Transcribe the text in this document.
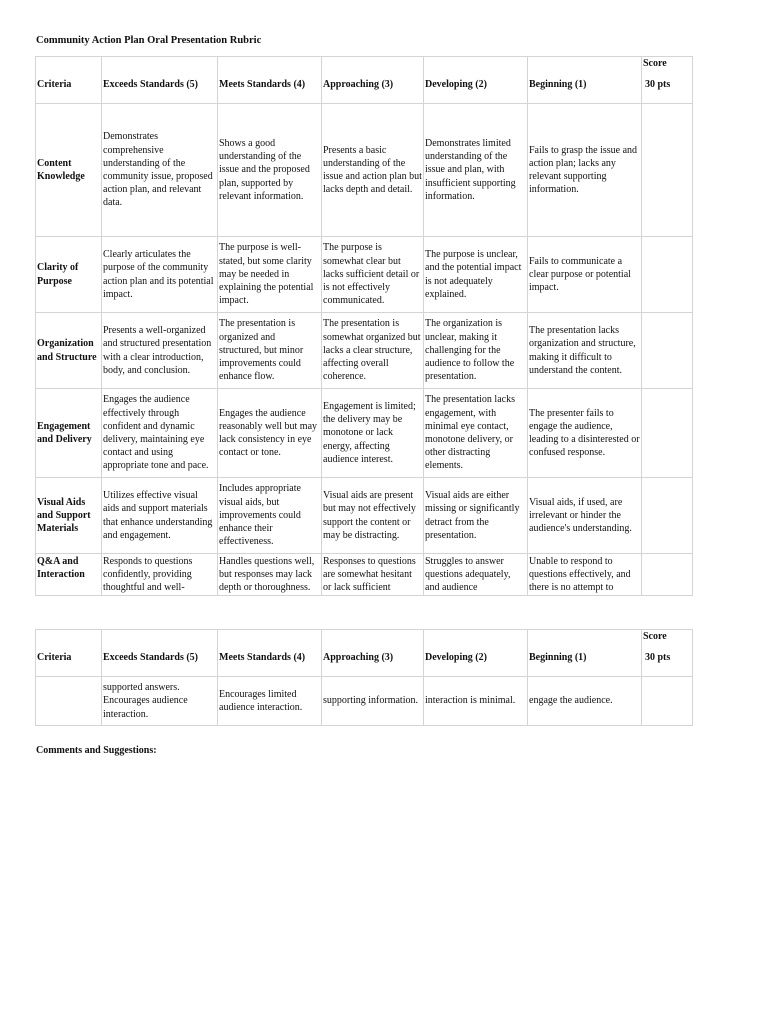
Community Action Plan Oral Presentation Rubric
Criteria	Exceeds Standards (5)	Meets Standards (4)	Approaching (3)	Developing (2)	Beginning (1)	Score
30 pts

Content Knowledge	Demonstrates comprehensive understanding of the community issue, proposed action plan, and relevant data.	Shows a good understanding of the issue and the proposed plan, supported by relevant information.	Presents a basic understanding of the issue and action plan but lacks depth and detail.	Demonstrates limited understanding of the issue and plan, with insufficient supporting information.	Fails to grasp the issue and action plan; lacks any relevant supporting information.	
Clarity of Purpose	Clearly articulates the purpose of the community action plan and its potential impact.	The purpose is well-stated, but some clarity may be needed in explaining the potential impact.	The purpose is somewhat clear but lacks sufficient detail or is not effectively communicated.	The purpose is unclear, and the potential impact is not adequately explained.	Fails to communicate a clear purpose or potential impact.	
Organization and Structure	Presents a well-organized and structured presentation with a clear introduction, body, and conclusion.	The presentation is organized and structured, but minor improvements could enhance flow.	The presentation is somewhat organized but lacks a clear structure, affecting overall coherence.	The organization is unclear, making it challenging for the audience to follow the presentation.	The presentation lacks organization and structure, making it difficult to understand the content.	
Engagement and Delivery	Engages the audience effectively through confident and dynamic delivery, maintaining eye contact and using appropriate tone and pace.	Engages the audience reasonably well but may lack consistency in eye contact or tone.	Engagement is limited; the delivery may be monotone or lack energy, affecting audience interest.	The presentation lacks engagement, with minimal eye contact, monotone delivery, or other distracting elements.	The presenter fails to engage the audience, leading to a disinterested or confused response.	
Visual Aids and Support Materials	Utilizes effective visual aids and support materials that enhance understanding and engagement.	Includes appropriate visual aids, but improvements could enhance their effectiveness.	Visual aids are present but may not effectively support the content or may be distracting.	Visual aids are either missing or significantly detract from the presentation.	Visual aids, if used, are irrelevant or hinder the audience's understanding.	

Q&A and Interaction	Responds to questions confidently, providing thoughtful and well-	Handles questions well, but responses may lack depth or thoroughness.	Responses to questions are somewhat hesitant or lack sufficient	Struggles to answer questions adequately, and audience	Unable to respond to questions effectively, and there is no attempt to	

Criteria	Exceeds Standards (5)	Meets Standards (4)	Approaching (3)	Developing (2)	Beginning (1)	Score
30 pts

	supported answers. Encourages audience interaction.	Encourages limited audience interaction.	supporting information.	interaction is minimal.	engage the audience.	
Comments and Suggestions:
